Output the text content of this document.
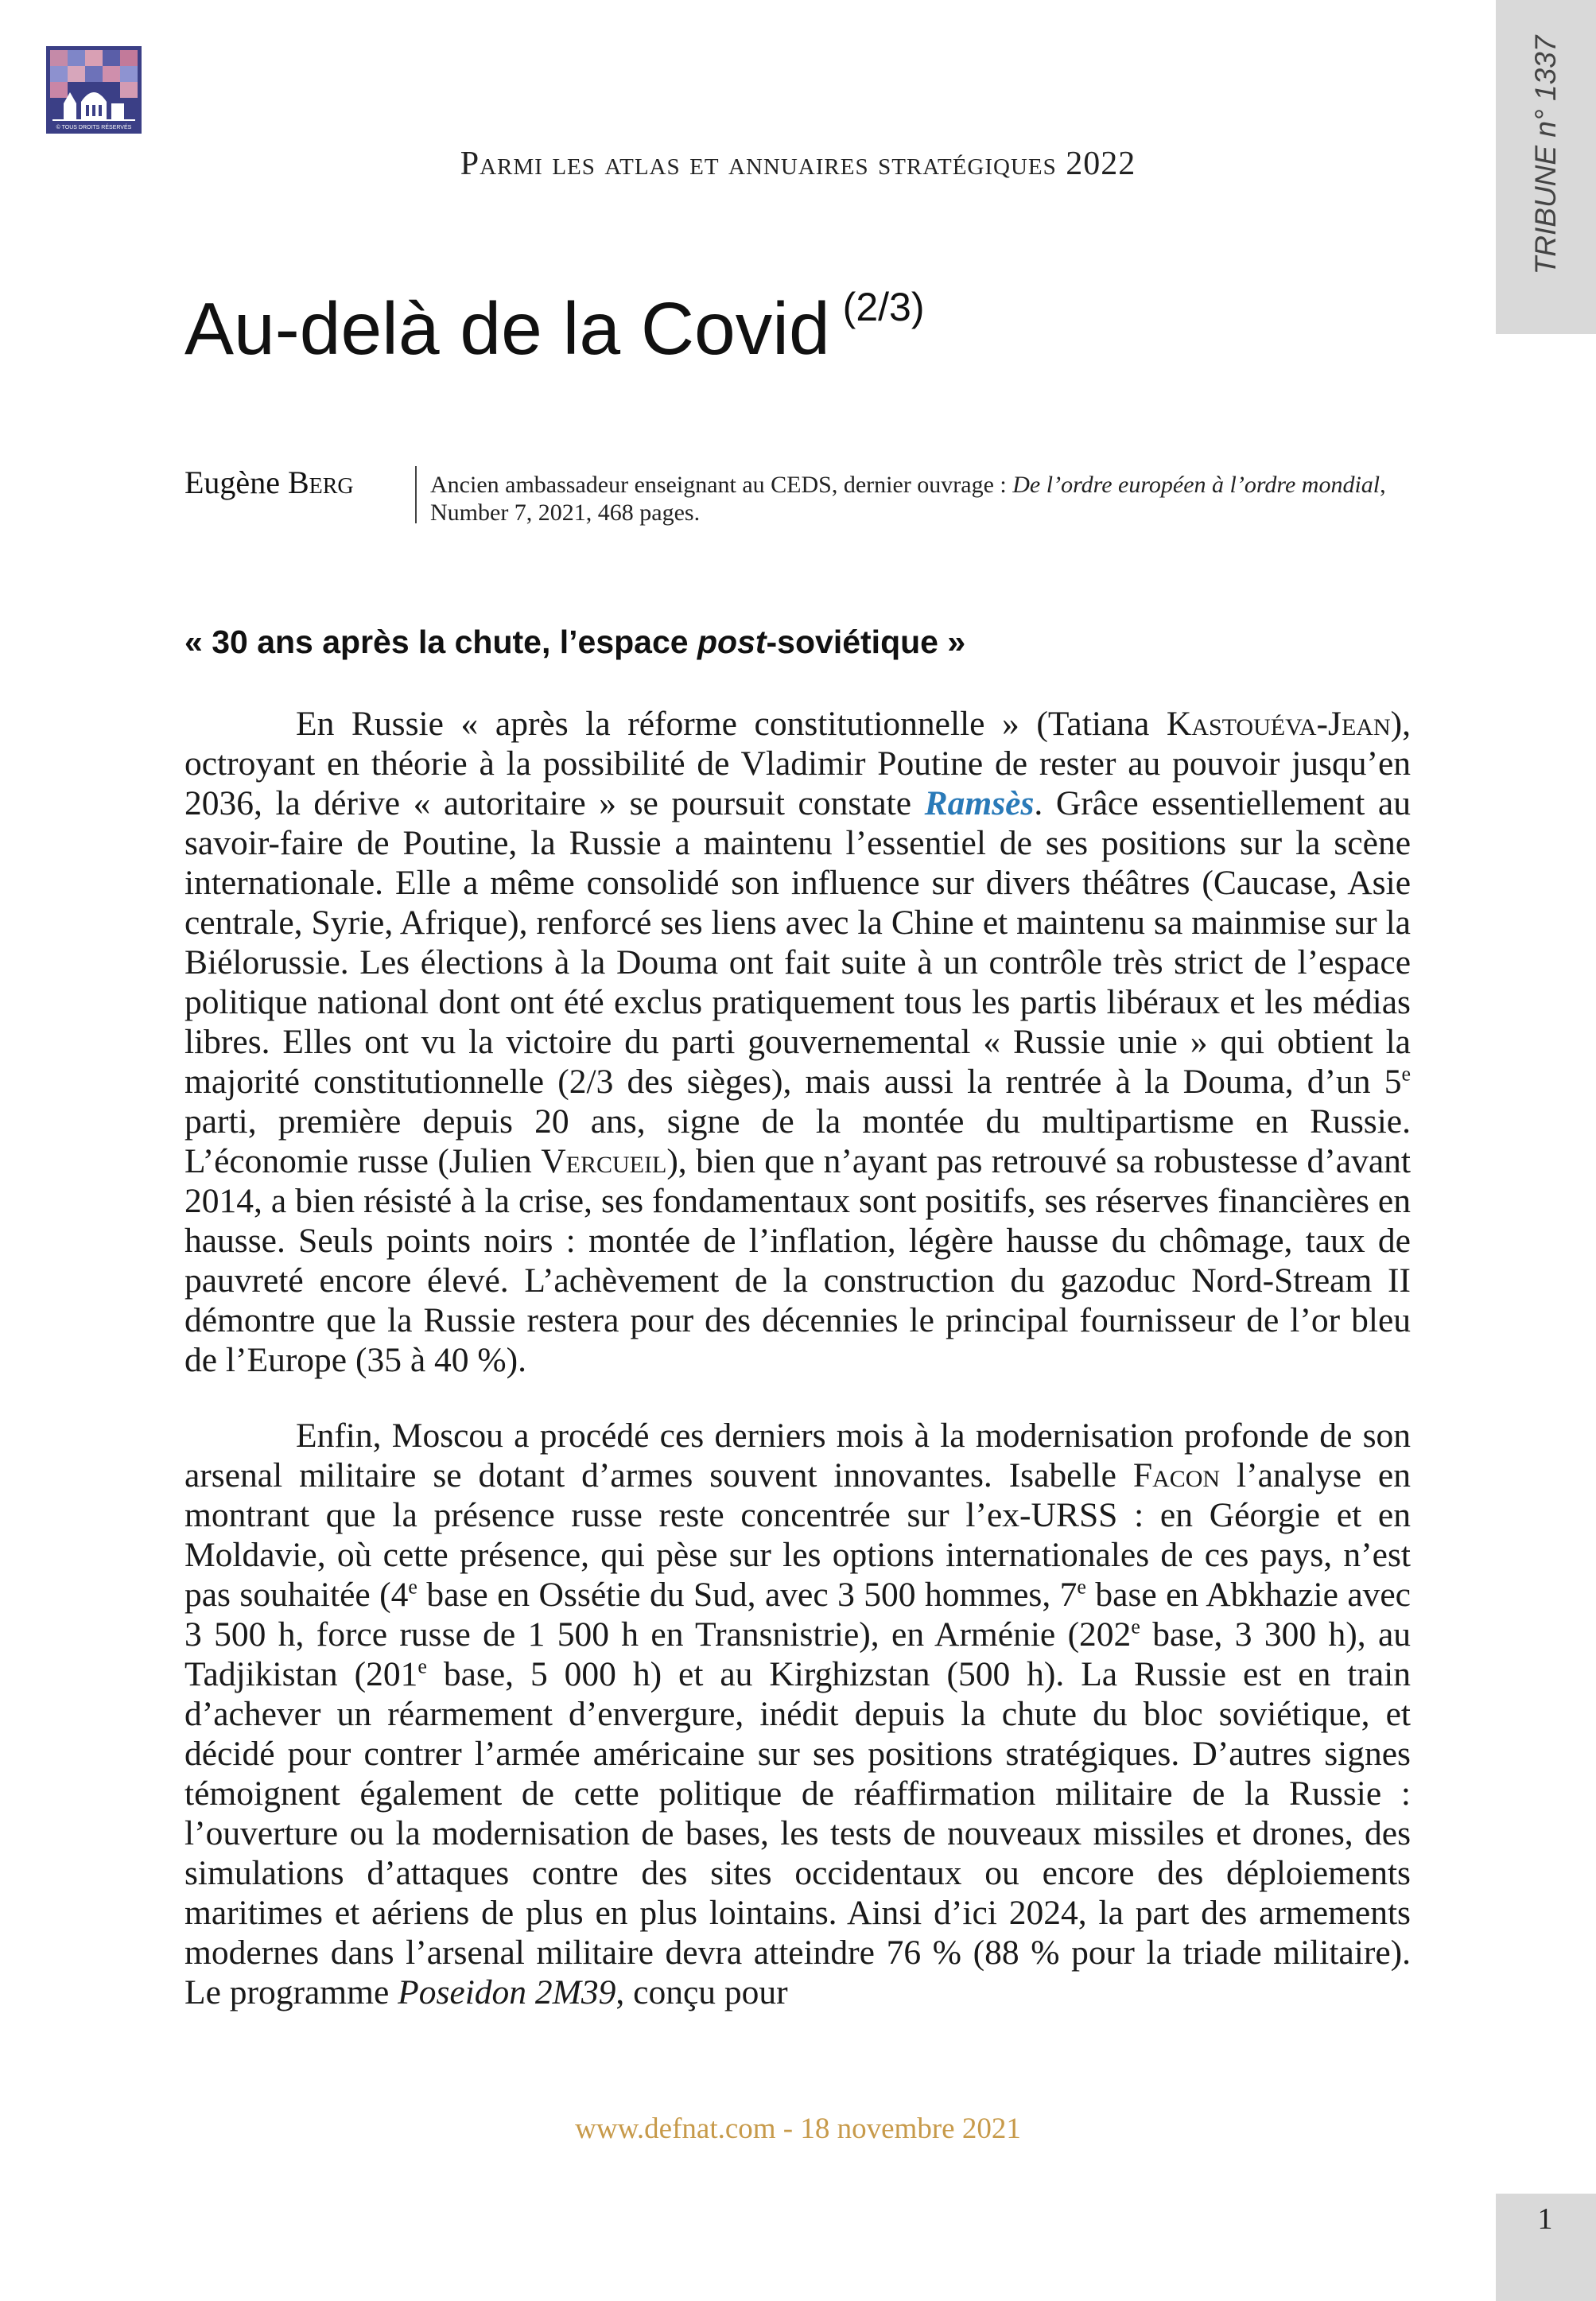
© TOUS DROITS RÉSERVÉS	TRIBUNE n° 1337
Parmi les atlas et annuaires stratégiques 2022
Au-delà de la Covid $^{(2/3)}$
Eugène Berg	Ancien ambassadeur enseignant au CEDS, dernier ouvrage : De l’ordre européen à l’ordre mondial, Number 7, 2021, 468 pages.
« 30 ans après la chute, l’espace post-soviétique »

En Russie « après la réforme constitutionnelle » (Tatiana Kastouéva-Jean), octroyant en théorie à la possibilité de Vladimir Poutine de rester au pouvoir jusqu’en 2036, la dérive « autoritaire » se poursuit constate Ramsès. Grâce essentiellement au savoir-faire de Poutine, la Russie a maintenu l’essentiel de ses positions sur la scène internationale. Elle a même consolidé son influence sur divers théâtres (Caucase, Asie centrale, Syrie, Afrique), renforcé ses liens avec la Chine et maintenu sa mainmise sur la Biélorussie. Les élections à la Douma ont fait suite à un contrôle très strict de l’espace politique national dont ont été exclus pratiquement tous les partis libéraux et les médias libres. Elles ont vu la victoire du parti gouvernemental « Russie unie » qui obtient la majorité constitutionnelle (2/3 des sièges), mais aussi la rentrée à la Douma, d’un 5e parti, première depuis 20 ans, signe de la montée du multipartisme en Russie. L’économie russe (Julien Vercueil), bien que n’ayant pas retrouvé sa robustesse d’avant 2014, a bien résisté à la crise, ses fondamentaux sont positifs, ses réserves financières en hausse. Seuls points noirs : montée de l’inflation, légère hausse du chômage, taux de pauvreté encore élevé. L’achèvement de la construction du gazoduc Nord-Stream II démontre que la Russie restera pour des décennies le principal fournisseur de l’or bleu de l’Europe (35 à 40 %).

Enfin, Moscou a procédé ces derniers mois à la modernisation profonde de son arsenal militaire se dotant d’armes souvent innovantes. Isabelle Facon l’analyse en montrant que la présence russe reste concentrée sur l’ex-URSS : en Géorgie et en Moldavie, où cette présence, qui pèse sur les options internationales de ces pays, n’est pas souhaitée (4e base en Ossétie du Sud, avec 3 500 hommes, 7e base en Abkhazie avec 3 500 h, force russe de 1 500 h en Transnistrie), en Arménie (202e base, 3 300 h), au Tadjikistan (201e base, 5 000 h) et au Kirghizstan (500 h). La Russie est en train d’achever un réarmement d’envergure, inédit depuis la chute du bloc soviétique, et décidé pour contrer l’armée américaine sur ses positions stratégiques. D’autres signes témoignent également de cette politique de réaffirmation militaire de la Russie : l’ouverture ou la modernisation de bases, les tests de nouveaux missiles et drones, des simulations d’attaques contre des sites occidentaux ou encore des déploiements maritimes et aériens de plus en plus lointains. Ainsi d’ici 2024, la part des armements modernes dans l’arsenal militaire devra atteindre 76 % (88 % pour la triade militaire). Le programme Poseidon 2M39, conçu pour

www.defnat.com - 18 novembre 2021
1
